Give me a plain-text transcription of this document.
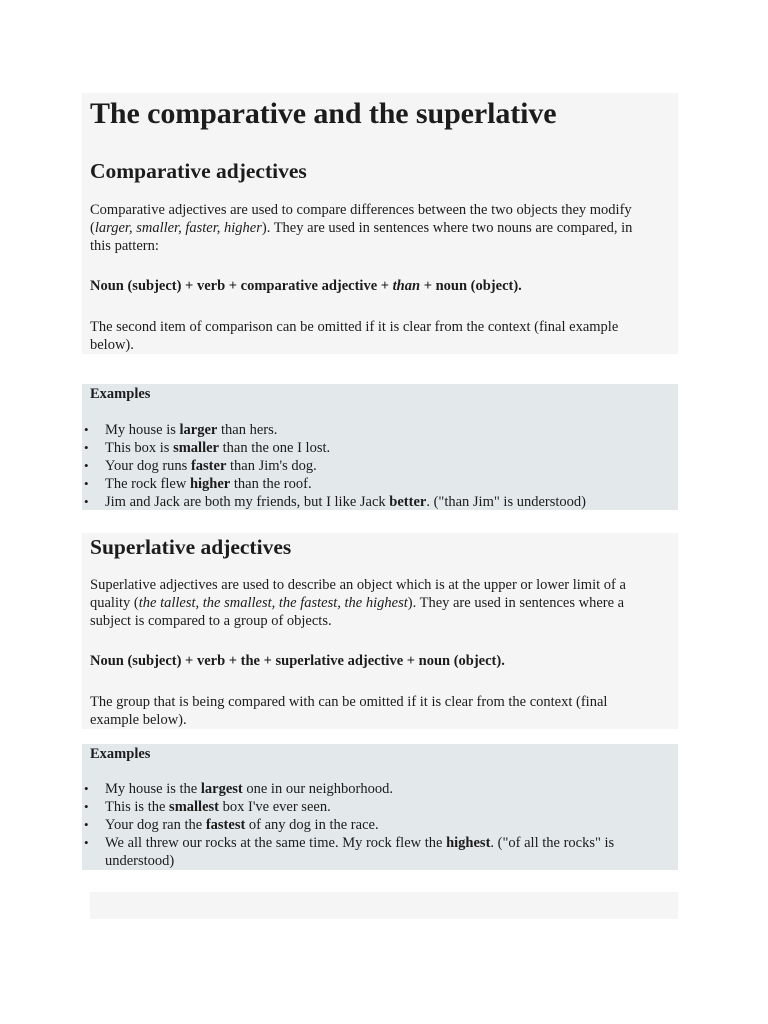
The comparative and the superlative
Comparative adjectives

Comparative adjectives are used to compare differences between the two objects they modify (larger, smaller, faster, higher). They are used in sentences where two nouns are compared, in this pattern:

Noun (subject) + verb + comparative adjective + than + noun (object).

The second item of comparison can be omitted if it is clear from the context (final example below).

Examples
• My house is larger than hers.
• This box is smaller than the one I lost.
• Your dog runs faster than Jim's dog.
• The rock flew higher than the roof.
• Jim and Jack are both my friends, but I like Jack better. ("than Jim" is understood)
Superlative adjectives

Superlative adjectives are used to describe an object which is at the upper or lower limit of a quality (the tallest, the smallest, the fastest, the highest). They are used in sentences where a subject is compared to a group of objects.

Noun (subject) + verb + the + superlative adjective + noun (object).

The group that is being compared with can be omitted if it is clear from the context (final example below).

Examples
• My house is the largest one in our neighborhood.
• This is the smallest box I've ever seen.
• Your dog ran the fastest of any dog in the race.
• We all threw our rocks at the same time. My rock flew the highest. ("of all the rocks" is understood)
